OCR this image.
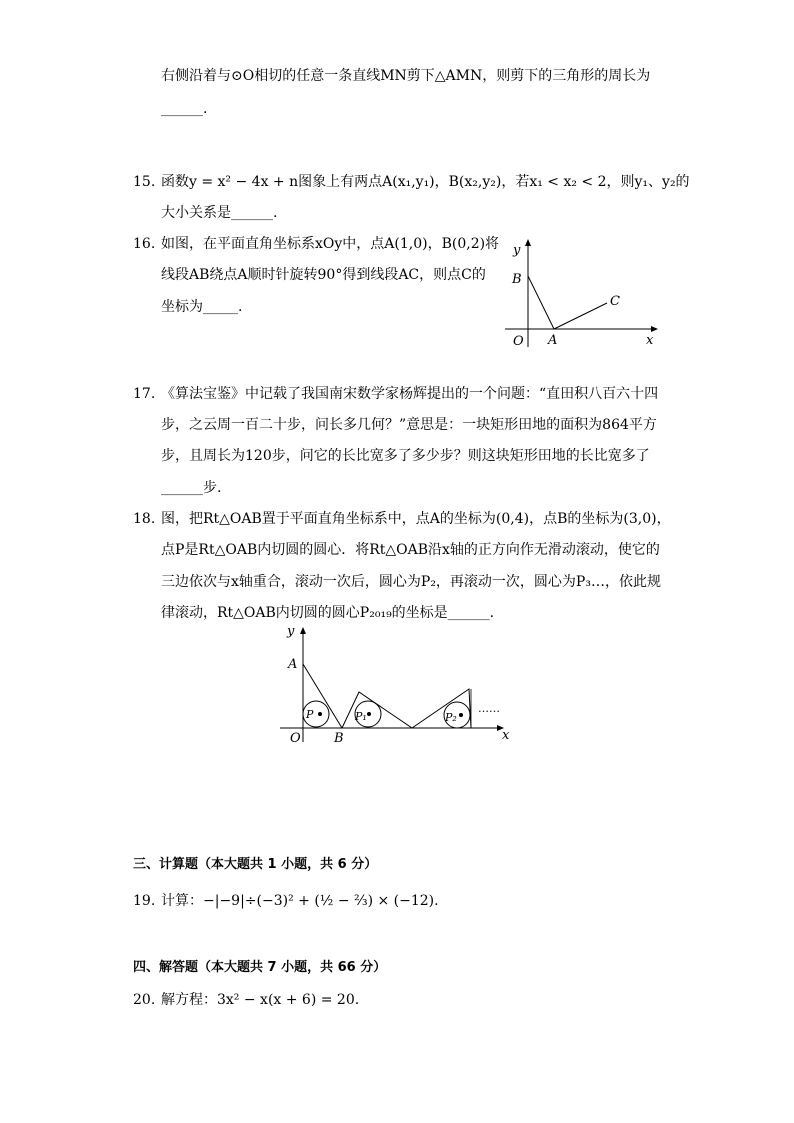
右侧沿着与⊙O相切的任意一条直线MN剪下△AMN，则剪下的三角形的周长为
______.
15. 函数y = x² − 4x + n图象上有两点A(x₁,y₁)，B(x₂,y₂)，若x₁ < x₂ < 2，则y₁、y₂的
大小关系是______.
16. 如图，在平面直角坐标系xOy中，点A(1,0)，B(0,2)将
线段AB绕点A顺时针旋转90°得到线段AC，则点C的
坐标为_____.
y
B
C
O A	x
17. 《算法宝鉴》中记载了我国南宋数学家杨辉提出的一个问题：“直田积八百六十四
步，之云周一百二十步，问长多几何？”意思是：一块矩形田地的面积为864平方
步，且周长为120步，问它的长比宽多了多少步？则这块矩形田地的长比宽多了
______步.
18. 图，把Rt△OAB置于平面直角坐标系中，点A的坐标为(0,4)，点B的坐标为(3,0)，
点P是Rt△OAB内切圆的圆心．将Rt△OAB沿x轴的正方向作无滑动滚动，使它的
三边依次与x轴重合，滚动一次后，圆心为P₂，再滚动一次，圆心为P₃…，依此规
律滚动，Rt△OAB内切圆的圆心P₂₀₁₉的坐标是______.
y
A
P	P₁	P₂
……
O	B	x
三、计算题（本大题共 1 小题，共 6 分）
19. 计算：−|−9|÷(−3)² + (½ − ⅔) × (−12).
四、解答题（本大题共 7 小题，共 66 分）
20. 解方程：3x² − x(x + 6) = 20.
